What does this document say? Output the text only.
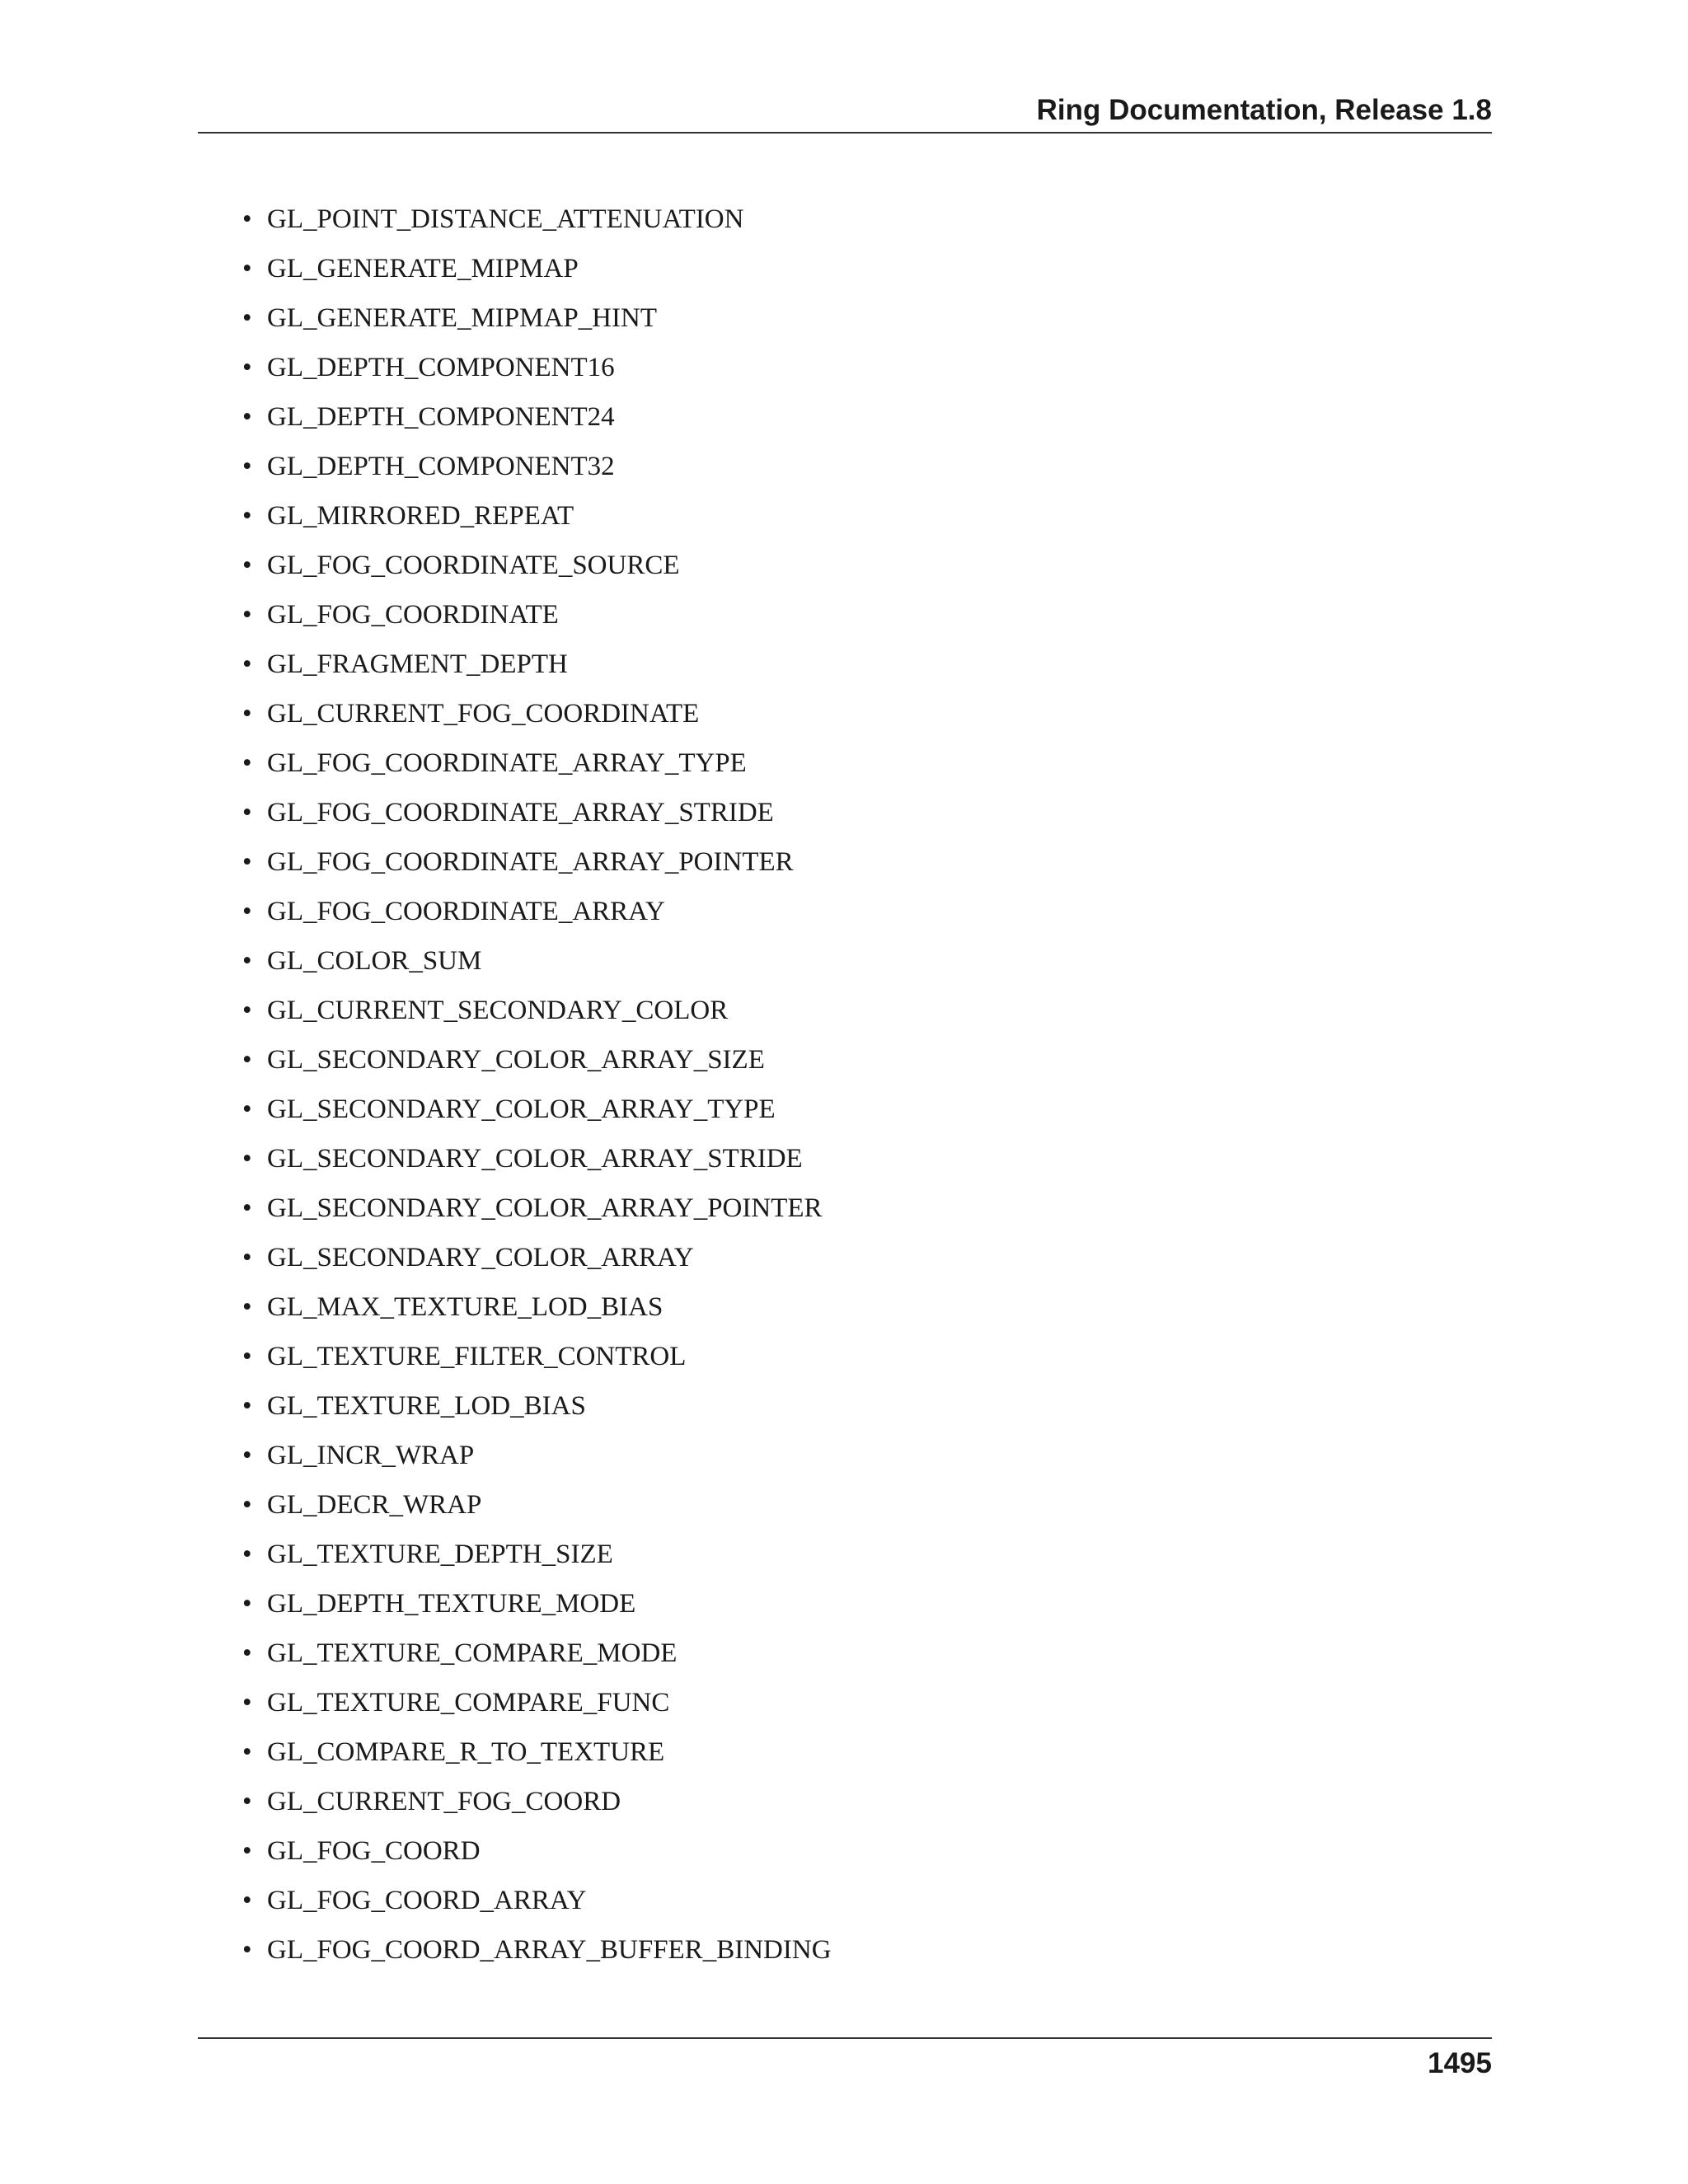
Ring Documentation, Release 1.8
• GL_POINT_DISTANCE_ATTENUATION
• GL_GENERATE_MIPMAP
• GL_GENERATE_MIPMAP_HINT
• GL_DEPTH_COMPONENT16
• GL_DEPTH_COMPONENT24
• GL_DEPTH_COMPONENT32
• GL_MIRRORED_REPEAT
• GL_FOG_COORDINATE_SOURCE
• GL_FOG_COORDINATE
• GL_FRAGMENT_DEPTH
• GL_CURRENT_FOG_COORDINATE
• GL_FOG_COORDINATE_ARRAY_TYPE
• GL_FOG_COORDINATE_ARRAY_STRIDE
• GL_FOG_COORDINATE_ARRAY_POINTER
• GL_FOG_COORDINATE_ARRAY
• GL_COLOR_SUM
• GL_CURRENT_SECONDARY_COLOR
• GL_SECONDARY_COLOR_ARRAY_SIZE
• GL_SECONDARY_COLOR_ARRAY_TYPE
• GL_SECONDARY_COLOR_ARRAY_STRIDE
• GL_SECONDARY_COLOR_ARRAY_POINTER
• GL_SECONDARY_COLOR_ARRAY
• GL_MAX_TEXTURE_LOD_BIAS
• GL_TEXTURE_FILTER_CONTROL
• GL_TEXTURE_LOD_BIAS
• GL_INCR_WRAP
• GL_DECR_WRAP
• GL_TEXTURE_DEPTH_SIZE
• GL_DEPTH_TEXTURE_MODE
• GL_TEXTURE_COMPARE_MODE
• GL_TEXTURE_COMPARE_FUNC
• GL_COMPARE_R_TO_TEXTURE
• GL_CURRENT_FOG_COORD
• GL_FOG_COORD
• GL_FOG_COORD_ARRAY
• GL_FOG_COORD_ARRAY_BUFFER_BINDING
1495
